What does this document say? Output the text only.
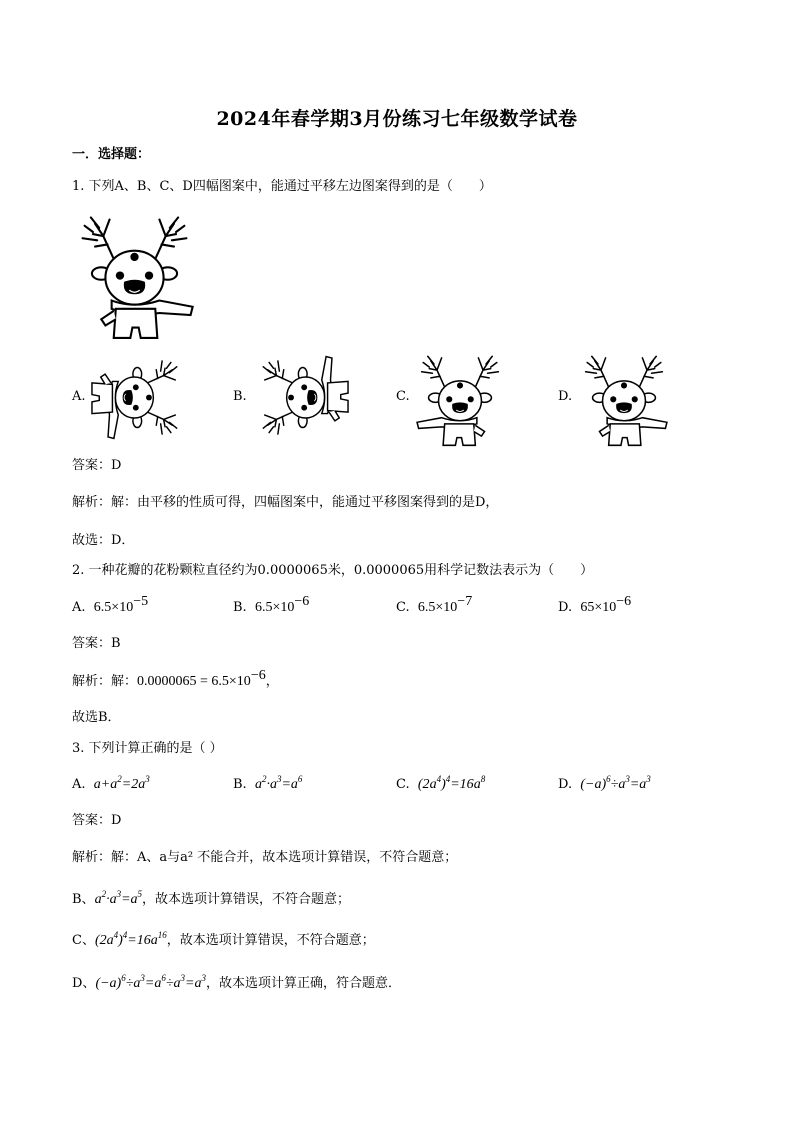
2024年春学期3月份练习七年级数学试卷
一．选择题：
1. 下列A、B、C、D四幅图案中，能通过平移左边图案得到的是（　　）
A.	B.	C.	D.
答案：D
解析：解：由平移的性质可得，四幅图案中，能通过平移图案得到的是D，
故选：D．
2. 一种花瓣的花粉颗粒直径约为0.0000065米，0.0000065用科学记数法表示为（　　）
A. $6.5\times 10^{-5}$	B. $6.5\times 10^{-6}$	C. $6.5\times 10^{-7}$	D. $65\times 10^{-6}$
答案：B
解析：解：$0.0000065 = 6.5\times 10^{-6}$，
故选B．
3. 下列计算正确的是（ ）
A. $a+a^2=2a^3$	B. $a^2\cdot a^3=a^6$	C. $(2a^4)^4=16a^8$	D. $(-a)^6\div a^3=a^3$
答案：D
解析：解：A、a与a² 不能合并，故本选项计算错误，不符合题意；
B、$a^2\cdot a^3=a^5$，故本选项计算错误，不符合题意；
C、$(2a^4)^4=16a^{16}$，故本选项计算错误，不符合题意；
D、$(-a)^6\div a^3=a^6\div a^3=a^3$，故本选项计算正确，符合题意．
